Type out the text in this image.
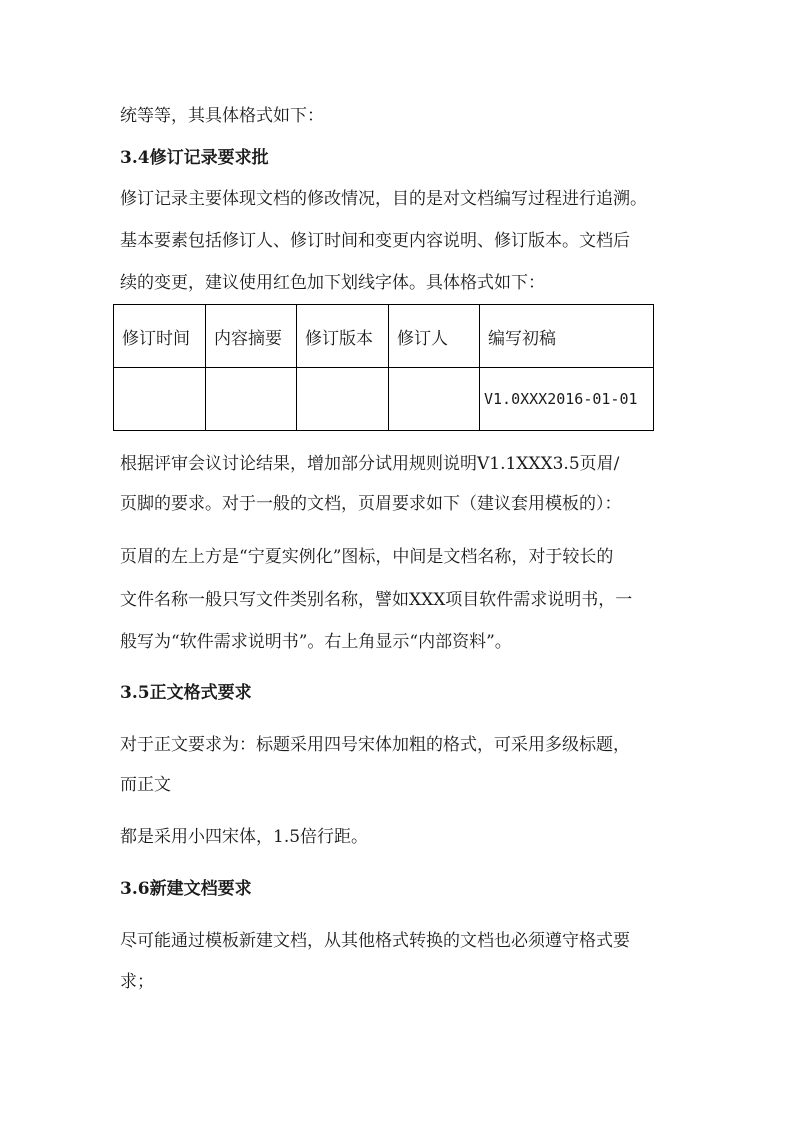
统等等，其具体格式如下：
3.4修订记录要求批
修订记录主要体现文档的修改情况，目的是对文档编写过程进行追溯。
基本要素包括修订人、修订时间和变更内容说明、修订版本。文档后
续的变更，建议使用红色加下划线字体。具体格式如下：
修订时间	内容摘要	修订版本	修订人	编写初稿
				V1.0XXX2016-01-01
根据评审会议讨论结果，增加部分试用规则说明V1.1XXX3.5页眉/
页脚的要求。对于一般的文档，页眉要求如下（建议套用模板的）：
页眉的左上方是“宁夏实例化”图标，中间是文档名称，对于较长的
文件名称一般只写文件类别名称，譬如XXX项目软件需求说明书，一
般写为“软件需求说明书”。右上角显示“内部资料”。
3.5正文格式要求
对于正文要求为：标题采用四号宋体加粗的格式，可采用多级标题，
而正文
都是采用小四宋体，1.5倍行距。
3.6新建文档要求
尽可能通过模板新建文档，从其他格式转换的文档也必须遵守格式要
求；
